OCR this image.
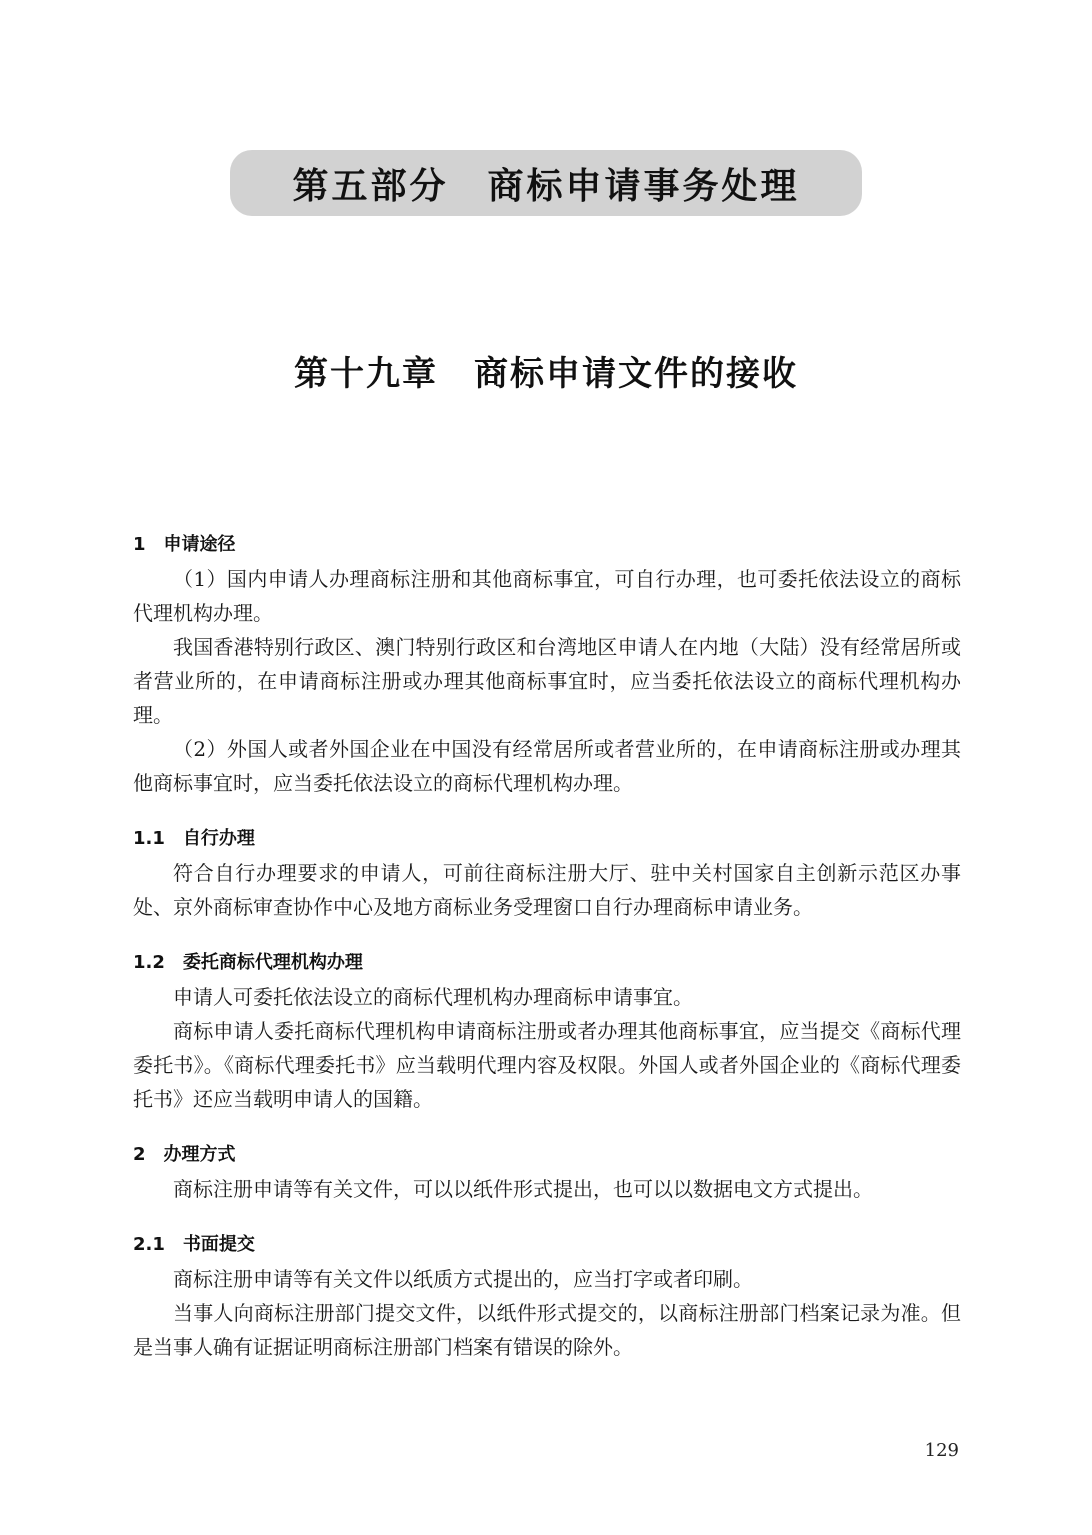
第五部分　商标申请事务处理
第十九章　商标申请文件的接收
1　申请途径

（1）国内申请人办理商标注册和其他商标事宜，可自行办理，也可委托依法设立的商标代理机构办理。

我国香港特别行政区、澳门特别行政区和台湾地区申请人在内地（大陆）没有经常居所或者营业所的，在申请商标注册或办理其他商标事宜时，应当委托依法设立的商标代理机构办理。

（2）外国人或者外国企业在中国没有经常居所或者营业所的，在申请商标注册或办理其他商标事宜时，应当委托依法设立的商标代理机构办理。

1.1　自行办理

符合自行办理要求的申请人，可前往商标注册大厅、驻中关村国家自主创新示范区办事处、京外商标审查协作中心及地方商标业务受理窗口自行办理商标申请业务。

1.2　委托商标代理机构办理

申请人可委托依法设立的商标代理机构办理商标申请事宜。

商标申请人委托商标代理机构申请商标注册或者办理其他商标事宜，应当提交《商标代理委托书》。《商标代理委托书》应当载明代理内容及权限。外国人或者外国企业的《商标代理委托书》还应当载明申请人的国籍。

2　办理方式

商标注册申请等有关文件，可以以纸件形式提出，也可以以数据电文方式提出。

2.1　书面提交

商标注册申请等有关文件以纸质方式提出的，应当打字或者印刷。

当事人向商标注册部门提交文件，以纸件形式提交的，以商标注册部门档案记录为准。但是当事人确有证据证明商标注册部门档案有错误的除外。

129
